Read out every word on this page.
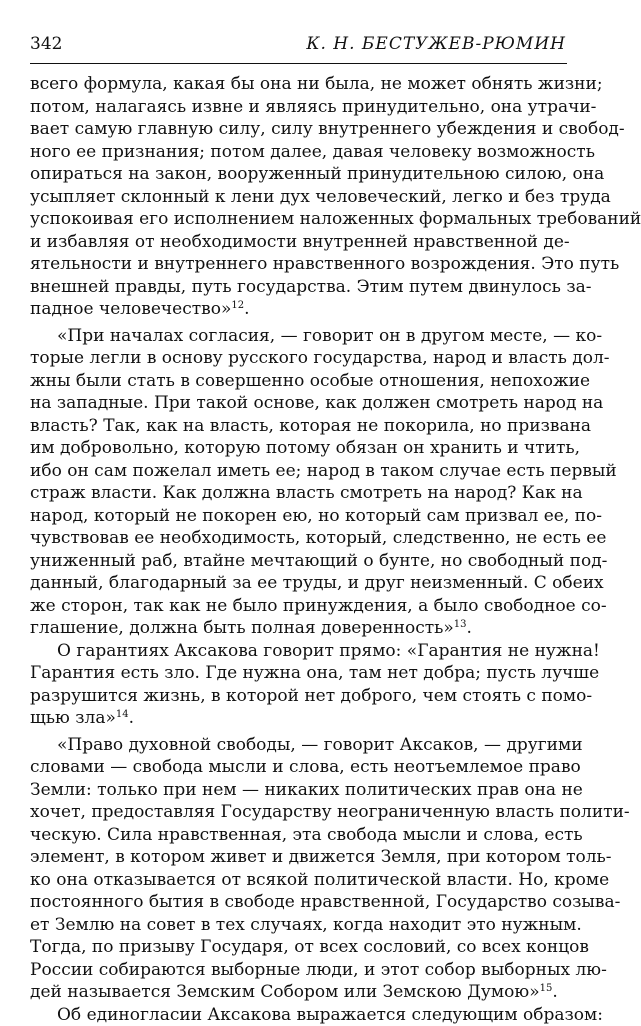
342	К. Н. БЕСТУЖЕВ-РЮМИН
всего формула, какая бы она ни была, не может обнять жизни;
потом, налагаясь извне и являясь принудительно, она утрачи-
вает самую главную силу, силу внутреннего убеждения и свобод-
ного ее признания; потом далее, давая человеку возможность
опираться на закон, вооруженный принудительною силою, она
усыпляет склонный к лени дух человеческий, легко и без труда
успокоивая его исполнением наложенных формальных требований
и избавляя от необходимости внутренней нравственной де-
ятельности и внутреннего нравственного возрождения. Это путь
внешней правды, путь государства. Этим путем двинулось за-
падное человечество»$^{12}$.
«При началах согласия, — говорит он в другом месте, — ко-
торые легли в основу русского государства, народ и власть дол-
жны были стать в совершенно особые отношения, непохожие
на западные. При такой основе, как должен смотреть народ на
власть? Так, как на власть, которая не покорила, но призвана
им добровольно, которую потому обязан он хранить и чтить,
ибо он сам пожелал иметь ее; народ в таком случае есть первый
страж власти. Как должна власть смотреть на народ? Как на
народ, который не покорен ею, но который сам призвал ее, по-
чувствовав ее необходимость, который, следственно, не есть ее
униженный раб, втайне мечтающий о бунте, но свободный под-
данный, благодарный за ее труды, и друг неизменный. С обеих
же сторон, так как не было принуждения, а было свободное со-
глашение, должна быть полная доверенность»$^{13}$.
О гарантиях Аксакова говорит прямо: «Гарантия не нужна!
Гарантия есть зло. Где нужна она, там нет добра; пусть лучше
разрушится жизнь, в которой нет доброго, чем стоять с помо-
щью зла»$^{14}$.
«Право духовной свободы, — говорит Аксаков, — другими
словами — свобода мысли и слова, есть неотъемлемое право
Земли: только при нем — никаких политических прав она не
хочет, предоставляя Государству неограниченную власть полити-
ческую. Сила нравственная, эта свобода мысли и слова, есть
элемент, в котором живет и движется Земля, при котором толь-
ко она отказывается от всякой политической власти. Но, кроме
постоянного бытия в свободе нравственной, Государство созыва-
ет Землю на совет в тех случаях, когда находит это нужным.
Тогда, по призыву Государя, от всех сословий, со всех концов
России собираются выборные люди, и этот собор выборных лю-
дей называется Земским Собором или Земскою Думою»$^{15}$.
Об единогласии Аксакова выражается следующим образом:
